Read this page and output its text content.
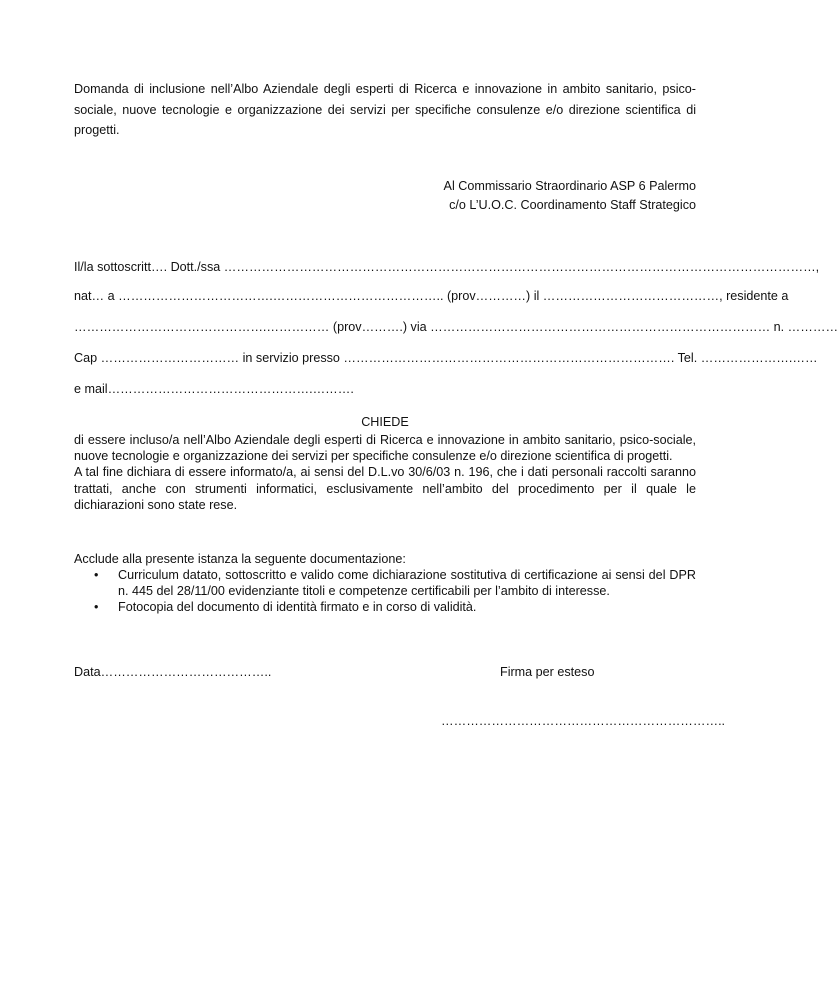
Domanda di inclusione nell’Albo Aziendale degli esperti di Ricerca e innovazione in ambito sanitario, psico-sociale, nuove tecnologie e organizzazione dei servizi per specifiche consulenze e/o direzione scientifica di progetti.
Al Commissario Straordinario ASP 6 Palermo
c/o L’U.O.C. Coordinamento Staff Strategico
Il/la sottoscritt…. Dott./ssa ……………………………………………………………………………………………………………………………,
nat… a ……………………………….………………………………….. (prov…………) il ……………………………………, residente a
……………………………………….…………… (prov……….) via ……………………………………………………………………… n. …………
Cap …………………………… in servizio presso ……………………………………………………………………. Tel. ………………….……
e mail………………………………………….……….
CHIEDE
di essere incluso/a nell’Albo Aziendale degli esperti di Ricerca e innovazione in ambito sanitario, psico-sociale, nuove tecnologie e organizzazione dei servizi per specifiche consulenze e/o direzione scientifica di progetti.
A tal fine dichiara di essere informato/a, ai sensi del D.L.vo 30/6/03 n. 196, che i dati personali raccolti saranno trattati, anche con strumenti informatici, esclusivamente nell’ambito del procedimento per il quale le dichiarazioni sono state rese.
Acclude alla presente istanza la seguente documentazione:
• Curriculum datato, sottoscritto e valido come dichiarazione sostitutiva di certificazione ai sensi del DPR n. 445 del 28/11/00 evidenziante titoli e competenze certificabili per l’ambito di interesse.
• Fotocopia del documento di identità firmato e in corso di validità.
Data…………………………………..	Firma per esteso
…………………………………………………………..
